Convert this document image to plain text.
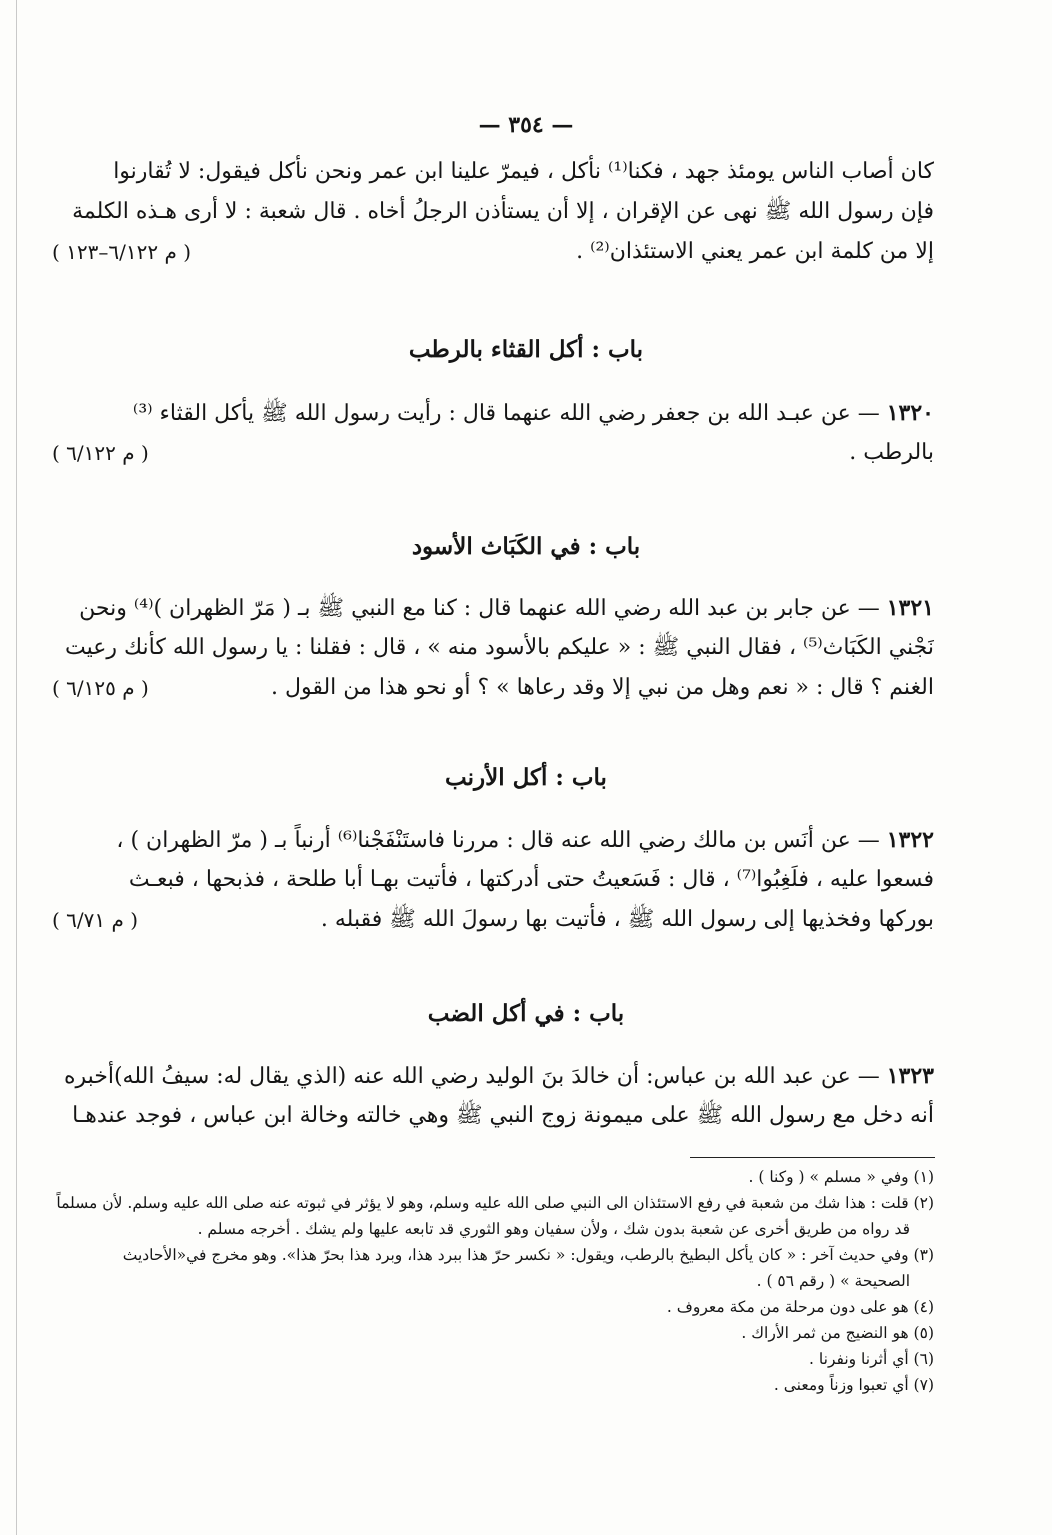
— ٣٥٤ —
كان أصاب الناس يومئذ جهد ، فكنا⁽¹⁾ نأكل ، فيمرّ علينا ابن عمر ونحن نأكل فيقول: لا تُقارنوا
فإن رسول الله ﷺ نهى عن الإقران ، إلا أن يستأذن الرجلُ أخاه . قال شعبة : لا أرى هـذه الكلمة
إلا من كلمة ابن عمر يعني الاستئذان⁽²⁾ .
( م ٦/١٢٢–١٢٣ )
باب : أكل القثاء بالرطب
١٣٢٠ — عن عبـد الله بن جعفر رضي الله عنهما قال : رأيت رسول الله ﷺ يأكل القثاء ⁽³⁾
بالرطب .
( م ٦/١٢٢ )
باب : في الكَبَاث الأسود
١٣٢١ — عن جابر بن عبد الله رضي الله عنهما قال : كنا مع النبي ﷺ بـ ( مَرّ الظهران )⁽⁴⁾ ونحن
نَجْني الكَبَاث⁽⁵⁾ ، فقال النبي ﷺ : « عليكم بالأسود منه » ، قال : فقلنا : يا رسول الله كأنك رعيت
الغنم ؟ قال : « نعم وهل من نبي إلا وقد رعاها » ؟ أو نحو هذا من القول .
( م ٦/١٢٥ )
باب : أكل الأرنب
١٣٢٢ — عن أنَس بن مالك رضي الله عنه قال : مررنا فاستَنْفَجْنا⁽⁶⁾ أرنباً بـ ( مرّ الظهران ) ،
فسعوا عليه ، فلَغِبُوا⁽⁷⁾ ، قال : فَسَعيتُ حتى أدركتها ، فأتيت بهـا أبا طلحة ، فذبحها ، فبعـث
بوركها وفخذيها إلى رسول الله ﷺ ، فأتيت بها رسولَ الله ﷺ فقبله .
( م ٦/٧١ )
باب : في أكل الضب
١٣٢٣ — عن عبد الله بن عباس: أن خالدَ بنَ الوليد رضي الله عنه (الذي يقال له: سيفُ الله)أخبره
أنه دخل مع رسول الله ﷺ على ميمونة زوج النبي ﷺ وهي خالته وخالة ابن عباس ، فوجد عندهـا
(١) وفي « مسلم » ( وكنا ) .
(٢) قلت : هذا شك من شعبة في رفع الاستئذان الى النبي صلى الله عليه وسلم، وهو لا يؤثر في ثبوته عنه صلى الله عليه وسلم. لأن مسلماً
قد رواه من طريق أخرى عن شعبة بدون شك ، ولأن سفيان وهو الثوري قد تابعه عليها ولم يشك . أخرجه مسلم .
(٣) وفي حديث آخر : « كان يأكل البطيخ بالرطب، ويقول: « نكسر حرّ هذا ببرد هذا، وبرد هذا بحرّ هذا». وهو مخرج في«الأحاديث
الصحيحة » ( رقم ٥٦ ) .
(٤) هو على دون مرحلة من مكة معروف .
(٥) هو النضيج من ثمر الأراك .
(٦) أي أثرنا ونفرنا .
(٧) أي تعبوا وزناً ومعنى .
